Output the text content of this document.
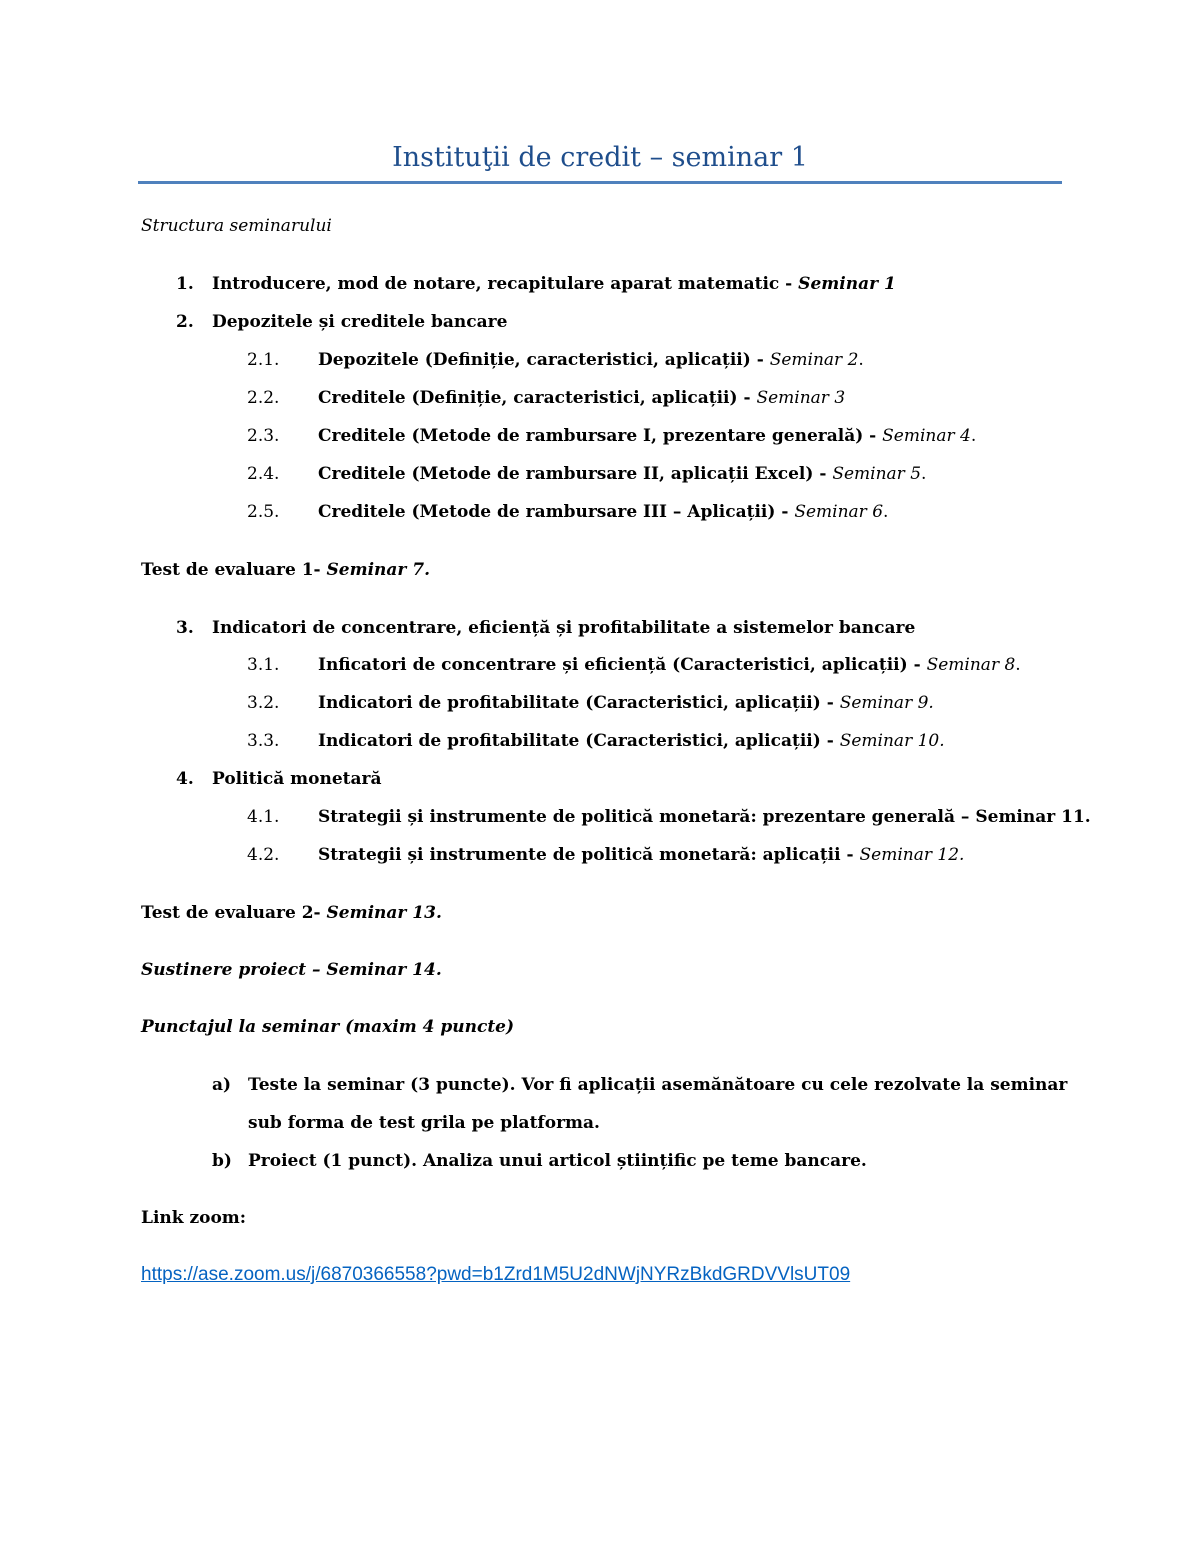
Instituţii de credit – seminar 1
Structura seminarului
1. Introducere, mod de notare, recapitulare aparat matematic - Seminar 1
2. Depozitele și creditele bancare
2.1. Depozitele (Definiție, caracteristici, aplicații) - Seminar 2.
2.2. Creditele (Definiție, caracteristici, aplicații) - Seminar 3
2.3. Creditele (Metode de rambursare I, prezentare generală) - Seminar 4.
2.4. Creditele (Metode de rambursare II, aplicații Excel) - Seminar 5.
2.5. Creditele (Metode de rambursare III – Aplicații) - Seminar 6.
Test de evaluare 1- Seminar 7.
3. Indicatori de concentrare, eficiență și profitabilitate a sistemelor bancare
3.1. Inficatori de concentrare și eficiență (Caracteristici, aplicații) - Seminar 8.
3.2. Indicatori de profitabilitate (Caracteristici, aplicații) - Seminar 9.
3.3. Indicatori de profitabilitate (Caracteristici, aplicații) - Seminar 10.
4. Politică monetară
4.1. Strategii și instrumente de politică monetară: prezentare generală – Seminar 11.
4.2. Strategii și instrumente de politică monetară: aplicații - Seminar 12.
Test de evaluare 2- Seminar 13.
Sustinere proiect – Seminar 14.
Punctajul la seminar (maxim 4 puncte)
a) Teste la seminar (3 puncte). Vor fi aplicații asemănătoare cu cele rezolvate la seminar
sub forma de test grila pe platforma.
b) Proiect (1 punct). Analiza unui articol științific pe teme bancare.
Link zoom:
https://ase.zoom.us/j/6870366558?pwd=b1Zrd1M5U2dNWjNYRzBkdGRDVVlsUT09
